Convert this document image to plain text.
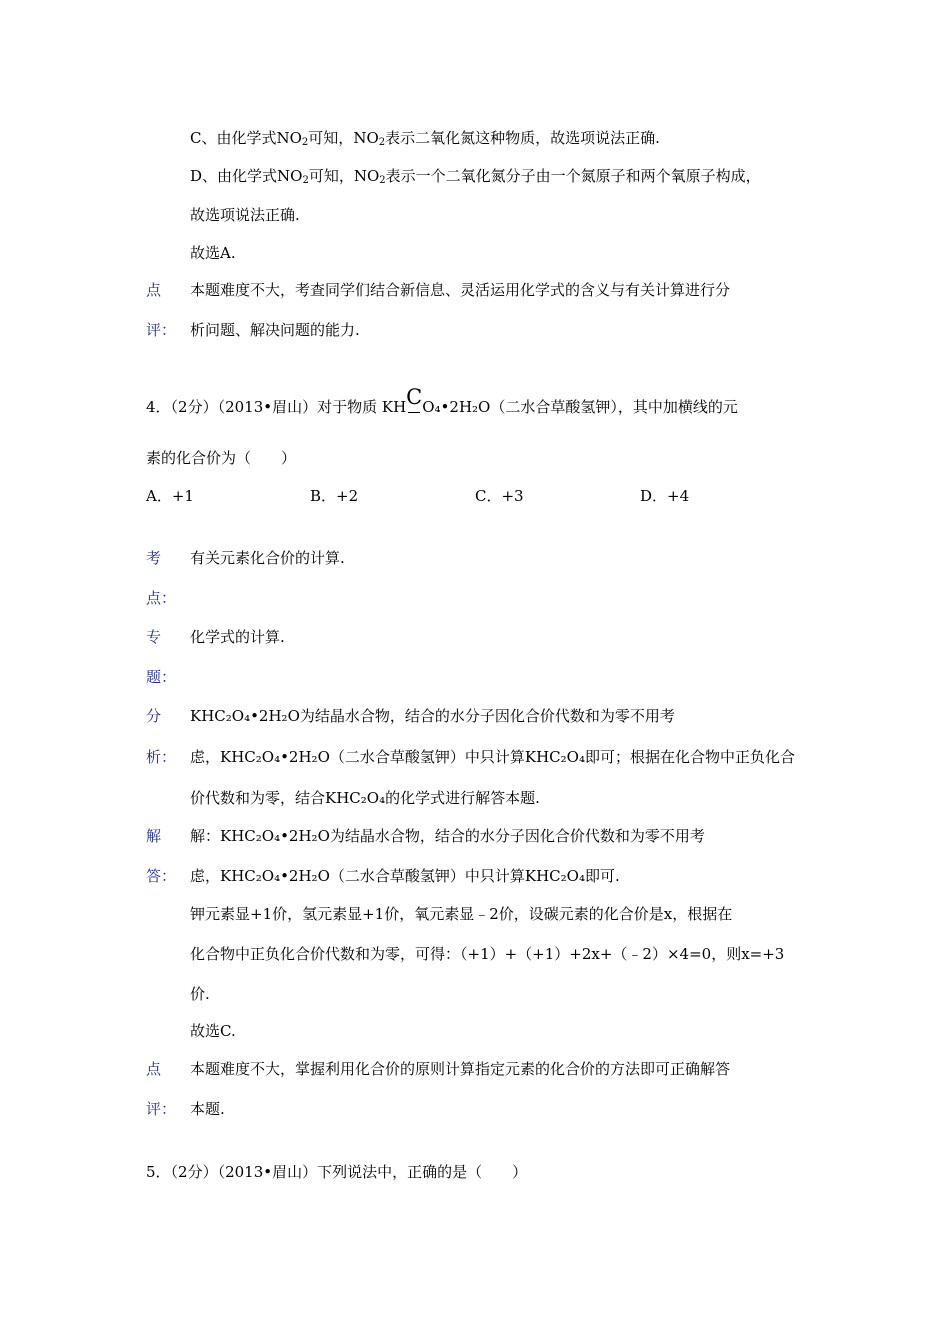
C、由化学式$NO_2$可知，$NO_2$表示二氧化氮这种物质，故选项说法正确.
D、由化学式$NO_2$可知，$NO_2$表示一个二氧化氮分子由一个氮原子和两个氧原子构成，
故选项说法正确.
故选A.
点 本题难度不大，考查同学们结合新信息、灵活运用化学式的含义与有关计算进行分
评： 析问题、解决问题的能力.
4．（2分）（2013•眉山）对于物质 KHCO₄•2H₂O（二水合草酸氢钾），其中加横线的元
素的化合价为（　　）
A．+1	B．+2	C．+3	D．+4
考 有关元素化合价的计算.
点：
专 化学式的计算.
题：
分 KHC₂O₄•2H₂O为结晶水合物，结合的水分子因化合价代数和为零不用考
析： 虑，KHC₂O₄•2H₂O（二水合草酸氢钾）中只计算KHC₂O₄即可；根据在化合物中正负化合
价代数和为零，结合KHC₂O₄的化学式进行解答本题.
解 解：KHC₂O₄•2H₂O为结晶水合物，结合的水分子因化合价代数和为零不用考
答： 虑，KHC₂O₄•2H₂O（二水合草酸氢钾）中只计算KHC₂O₄即可.
钾元素显+1价，氢元素显+1价，氧元素显﹣2价，设碳元素的化合价是x，根据在
化合物中正负化合价代数和为零，可得：（+1）+（+1）+2x+（﹣2）×4=0，则x=+3
价.
故选C.
点 本题难度不大，掌握利用化合价的原则计算指定元素的化合价的方法即可正确解答
评： 本题.
5．（2分）（2013•眉山）下列说法中，正确的是（　　）
